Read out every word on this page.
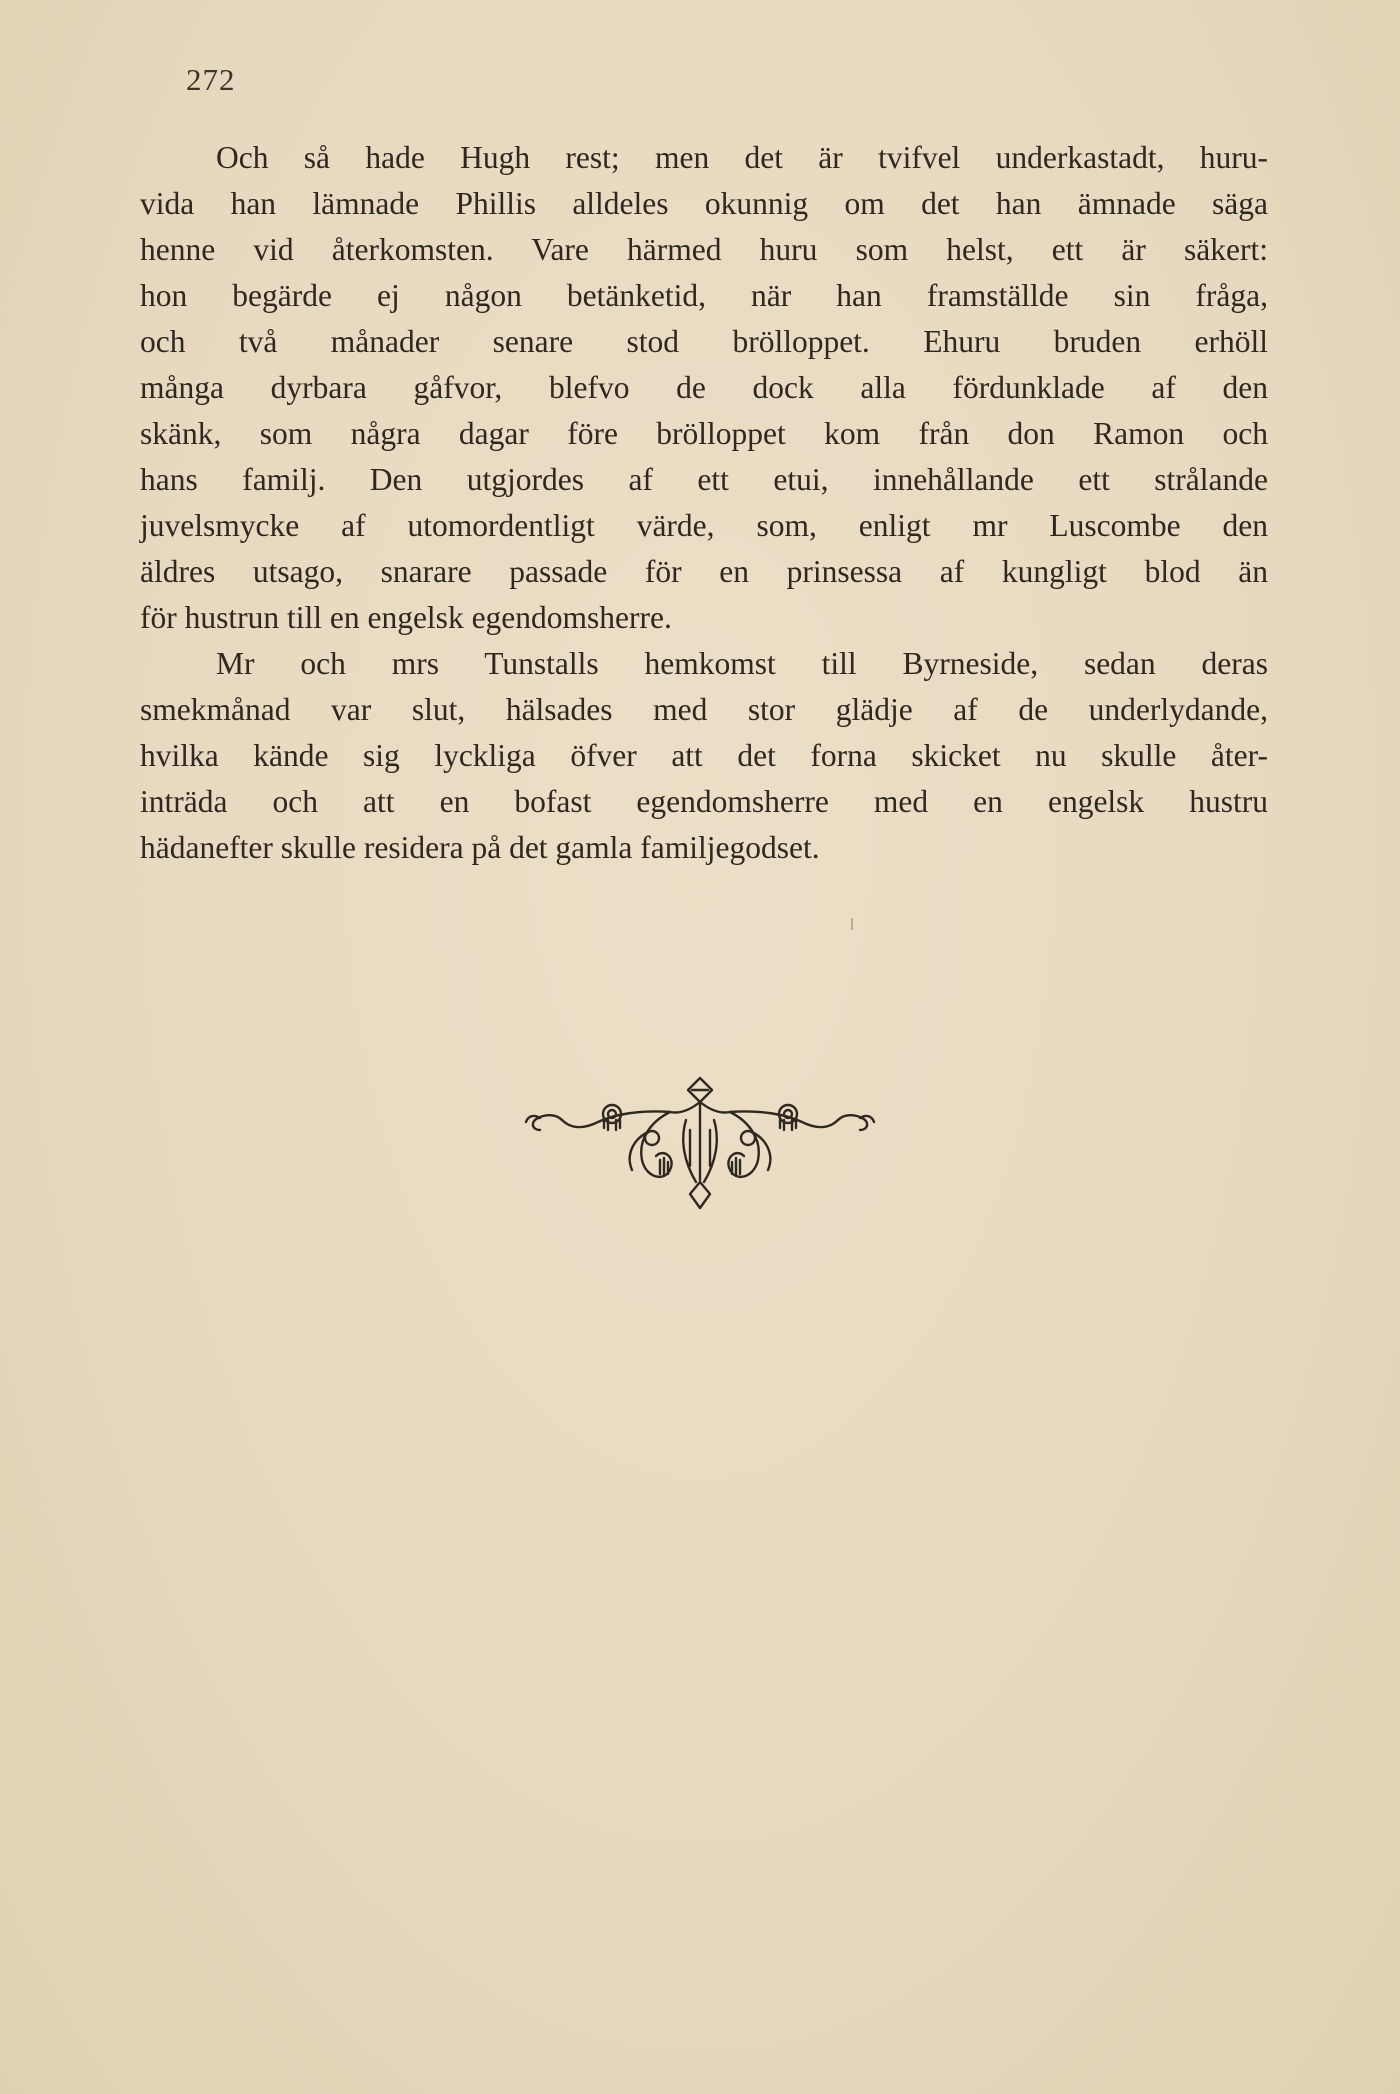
272
Och så hade Hugh rest; men det är tvifvel underkastadt, huru-
vida han lämnade Phillis alldeles okunnig om det han ämnade säga
henne vid återkomsten. Vare härmed huru som helst, ett är säkert:
hon begärde ej någon betänketid, när han framställde sin fråga,
och två månader senare stod brölloppet. Ehuru bruden erhöll
många dyrbara gåfvor, blefvo de dock alla fördunklade af den
skänk, som några dagar före brölloppet kom från don Ramon och
hans familj. Den utgjordes af ett etui, innehållande ett strålande
juvelsmycke af utomordentligt värde, som, enligt mr Luscombe den
äldres utsago, snarare passade för en prinsessa af kungligt blod än
för hustrun till en engelsk egendomsherre.
Mr och mrs Tunstalls hemkomst till Byrneside, sedan deras
smekmånad var slut, hälsades med stor glädje af de underlydande,
hvilka kände sig lyckliga öfver att det forna skicket nu skulle åter-
inträda och att en bofast egendomsherre med en engelsk hustru
hädanefter skulle residera på det gamla familjegodset.
